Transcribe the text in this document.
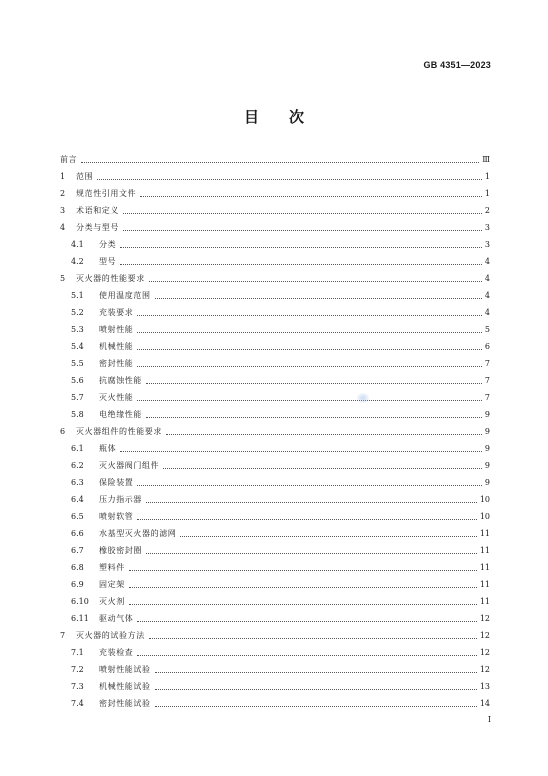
GB 4351—2023
目 次
前言	Ⅲ
1	范围	1
2	规范性引用文件	1
3	术语和定义	2
4	分类与型号	3
4.1	分类	3
4.2	型号	4
5	灭火器的性能要求	4
5.1	使用温度范围	4
5.2	充装要求	4
5.3	喷射性能	5
5.4	机械性能	6
5.5	密封性能	7
5.6	抗腐蚀性能	7
5.7	灭火性能	7
5.8	电绝缘性能	9
6	灭火器组件的性能要求	9
6.1	瓶体	9
6.2	灭火器阀门组件	9
6.3	保险装置	9
6.4	压力指示器	10
6.5	喷射软管	10
6.6	水基型灭火器的滤网	11
6.7	橡胶密封圈	11
6.8	塑料件	11
6.9	固定架	11
6.10	灭火剂	11
6.11	驱动气体	12
7	灭火器的试验方法	12
7.1	充装检查	12
7.2	喷射性能试验	12
7.3	机械性能试验	13
7.4	密封性能试验	14
I
